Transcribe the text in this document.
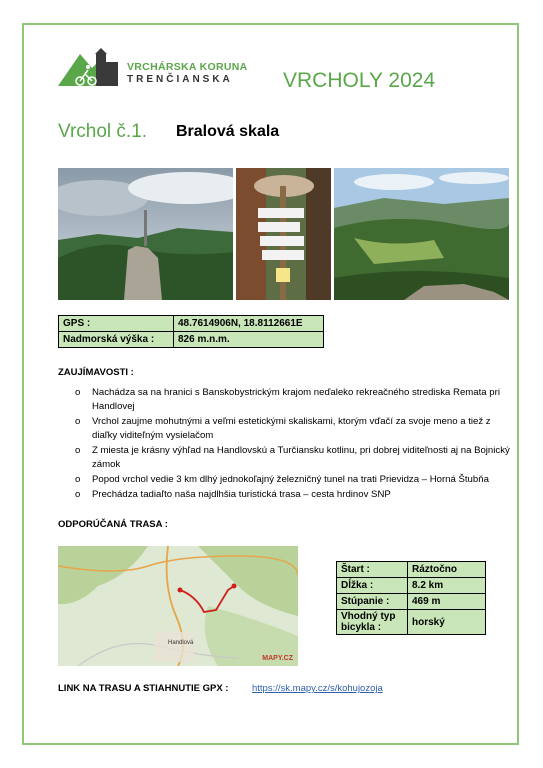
VRCHÁRSKA KORUNA
TRENČIANSKA VRCHOLY 2024
Vrchol č.1. Bralová skala
GPS :	48.7614906N, 18.8112661E
Nadmorská výška :	826 m.n.m.
ZAUJÍMAVOSTI :
o Nachádza sa na hranici s Banskobystrickým krajom neďaleko rekreačného strediska Remata pri Handlovej
o Vrchol zaujme mohutnými a veľmi estetickými skaliskami, ktorým vďačí za svoje meno a tiež z diaľky viditeľným vysielačom
o Z miesta je krásny výhľad na Handlovskú a Turčiansku kotlinu, pri dobrej viditeľnosti aj na Bojnický zámok
o Popod vrchol vedie 3 km dlhý jednokoľajný železničný tunel na trati Prievidza – Horná Štubňa
o Prechádza tadiaľto naša najdlhšia turistická trasa – cesta hrdinov SNP
ODPORÚČANÁ TRASA :
Handlová
MAPY.CZ
Štart :	Ráztočno
Dĺžka :	8.2 km
Stúpanie :	469 m
Vhodný typ bicykla :	horský
LINK NA TRASU A STIAHNUTIE GPX : https://sk.mapy.cz/s/kohujozoja
